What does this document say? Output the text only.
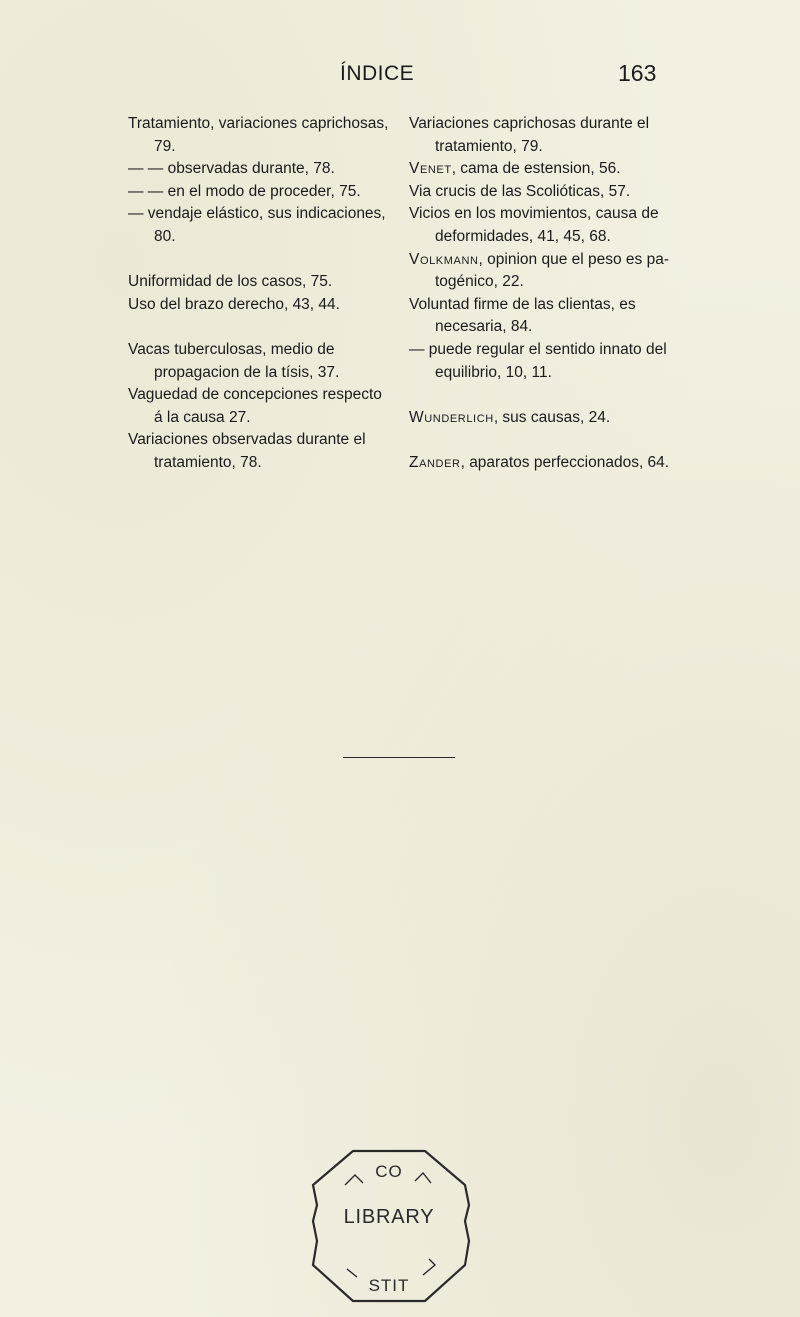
ÍNDICE	163

Tratamiento, variaciones caprichosas, 79.

— — observadas durante, 78.

— — en el modo de proceder, 75.

— vendaje elástico, sus indicaciones, 80.

Uniformidad de los casos, 75.

Uso del brazo derecho, 43, 44.

Vacas tuberculosas, medio de propagacion de la tísis, 37.

Vaguedad de concepciones respecto á la causa 27.

Variaciones observadas durante el tratamiento, 78.

Variaciones caprichosas durante el tratamiento, 79.

Venet, cama de estension, 56.

Via crucis de las Scolióticas, 57.

Vicios en los movimientos, causa de deformidades, 41, 45, 68.

Volkmann, opinion que el peso es patogénico, 22.

Voluntad firme de las clientas, es necesaria, 84.

— puede regular el sentido innato del equilibrio, 10, 11.

Wunderlich, sus causas, 24.

Zander, aparatos perfeccionados, 64.

CO
STIT
LIBRARY
